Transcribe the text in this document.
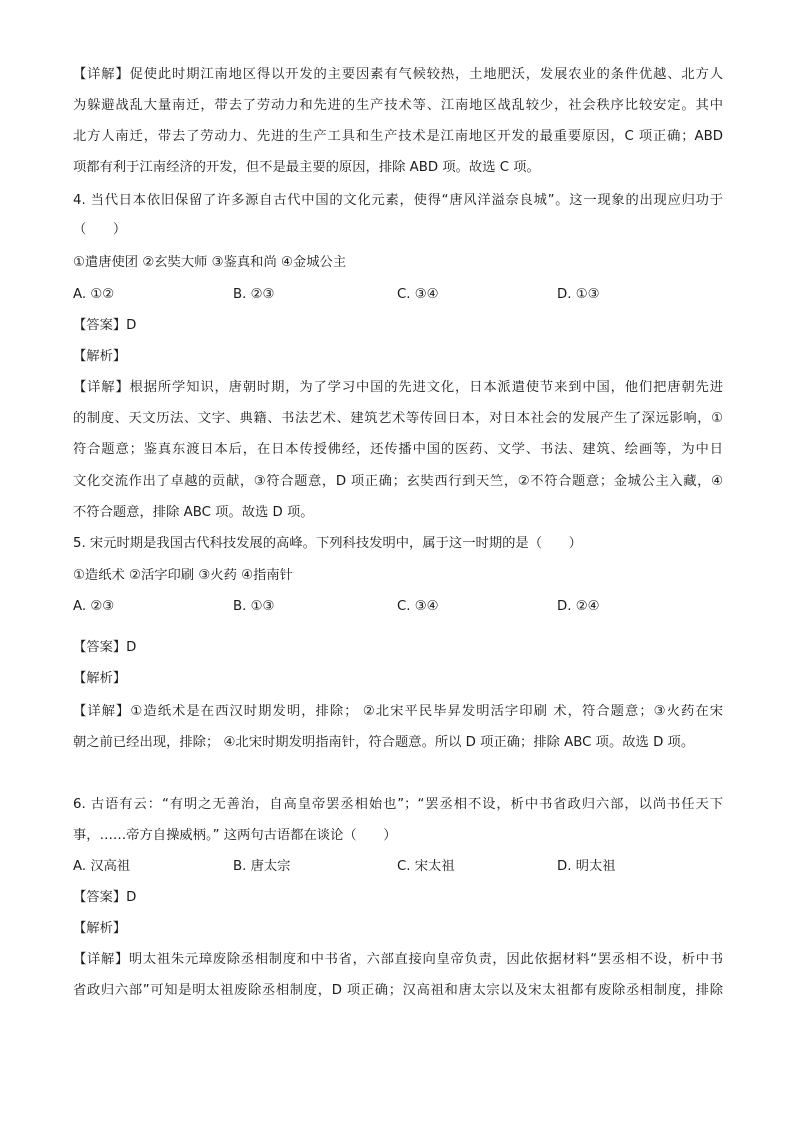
【详解】促使此时期江南地区得以开发的主要因素有气候较热，土地肥沃，发展农业的条件优越、北方人
为躲避战乱大量南迁，带去了劳动力和先进的生产技术等、江南地区战乱较少，社会秩序比较安定。其中
北方人南迁，带去了劳动力、先进的生产工具和生产技术是江南地区开发的最重要原因，C 项正确；ABD
项都有利于江南经济的开发，但不是最主要的原因，排除 ABD 项。故选 C 项。
4. 当代日本依旧保留了许多源自古代中国的文化元素，使得“唐风洋溢奈良城”。这一现象的出现应归功于
（　　）
①遣唐使团 ②玄奘大师 ③鉴真和尚 ④金城公主
A. ①②	B. ②③	C. ③④	D. ①③
【答案】D
【解析】
【详解】根据所学知识，唐朝时期，为了学习中国的先进文化，日本派遣使节来到中国，他们把唐朝先进
的制度、天文历法、文字、典籍、书法艺术、建筑艺术等传回日本，对日本社会的发展产生了深远影响，①
符合题意；鉴真东渡日本后，在日本传授佛经，还传播中国的医药、文学、书法、建筑、绘画等，为中日
文化交流作出了卓越的贡献，③符合题意，D 项正确；玄奘西行到天竺，②不符合题意；金城公主入藏，④
不符合题意，排除 ABC 项。故选 D 项。
5. 宋元时期是我国古代科技发展的高峰。下列科技发明中，属于这一时期的是（　　）
①造纸术 ②活字印刷 ③火药 ④指南针
A. ②③	B. ①③	C. ③④	D. ②④
【答案】D
【解析】
【详解】①造纸术是在西汉时期发明，排除； ②北宋平民毕昇发明活字印刷 术，符合题意；③火药在宋
朝之前已经出现，排除； ④北宋时期发明指南针，符合题意。所以 D 项正确；排除 ABC 项。故选 D 项。
6. 古语有云：“有明之无善治，自高皇帝罢丞相始也”；“罢丞相不设，析中书省政归六部，以尚书任天下
事，……帝方自操威柄。” 这两句古语都在谈论（　　）
A. 汉高祖	B. 唐太宗	C. 宋太祖	D. 明太祖
【答案】D
【解析】
【详解】明太祖朱元璋废除丞相制度和中书省，六部直接向皇帝负责，因此依据材料“罢丞相不设，析中书
省政归六部”可知是明太祖废除丞相制度，D 项正确；汉高祖和唐太宗以及宋太祖都有废除丞相制度，排除
